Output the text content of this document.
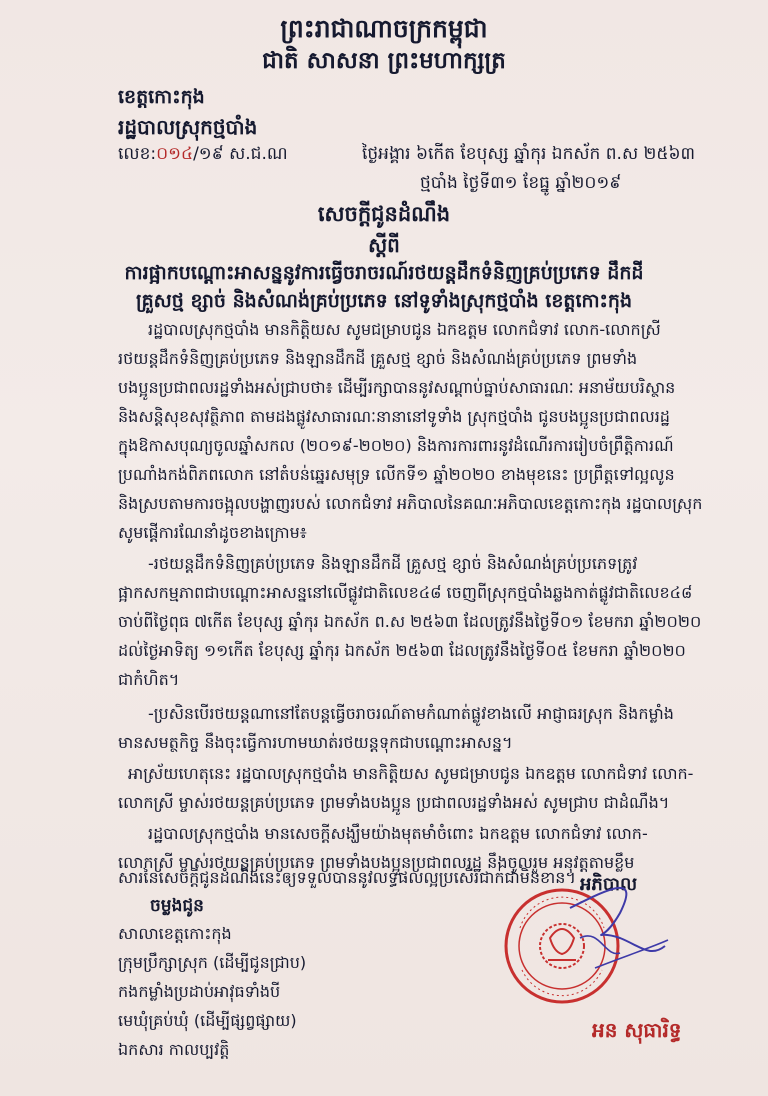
ព្រះរាជាណាចក្រកម្ពុជា
ជាតិ សាសនា ព្រះមហាក្សត្រ
ខេត្តកោះកុង
រដ្ឋបាលស្រុកថ្មបាំង
លេខ:០១៤/១៩ ស.ជ.ណ	ថ្ងៃអង្គារ ៦កើត ខែបុស្ស ឆ្នាំកុរ ឯកស័ក ព.ស ២៥៦៣
ថ្មបាំង ថ្ងៃទី៣១ ខែធ្នូ ឆ្នាំ២០១៩
សេចក្តីជូនដំណឹង
ស្តីពី
ការផ្អាកបណ្តោះអាសន្ននូវការធ្វើចរាចរណ៍រថយន្តដឹកទំនិញគ្រប់ប្រភេទ ដឹកដី
គ្រួសថ្ម ខ្សាច់ និងសំណង់គ្រប់ប្រភេទ នៅទូទាំងស្រុកថ្មបាំង ខេត្តកោះកុង
រដ្ឋបាលស្រុកថ្មបាំង មានកិត្តិយស សូមជម្រាបជូន ឯកឧត្តម លោកជំទាវ លោក-លោកស្រី
រថយន្តដឹកទំនិញគ្រប់ប្រភេទ និងឡានដឹកដី គ្រួសថ្ម ខ្សាច់ និងសំណង់គ្រប់ប្រភេទ ព្រមទាំង
បងប្អូនប្រជាពលរដ្ឋទាំងអស់ជ្រាបថា៖ ដើម្បីរក្សាបាននូវសណ្តាប់ធ្នាប់សាធារណៈ អនាម័យបរិស្ថាន
និងសន្តិសុខសុវត្ថិភាព តាមដងផ្លូវសាធារណៈនានានៅទូទាំង ស្រុកថ្មបាំង ជូនបងប្អូនប្រជាពលរដ្ឋ
ក្នុងឱកាសបុណ្យចូលឆ្នាំសកល (២០១៩-២០២០) និងការការពារនូវដំណើរការរៀបចំព្រឹត្តិការណ៍
ប្រណាំងកង់ពិភពលោក នៅតំបន់ឆ្នេរសមុទ្រ លើកទី១ ឆ្នាំ២០២០ ខាងមុខនេះ ប្រព្រឹត្តទៅល្អលូន
និងស្របតាមការចង្អុលបង្ហាញរបស់ លោកជំទាវ អភិបាលនៃគណៈអភិបាលខេត្តកោះកុង រដ្ឋបាលស្រុក
សូមផ្តើការណែនាំដូចខាងក្រោម៖
-រថយន្តដឹកទំនិញគ្រប់ប្រភេទ និងឡានដឹកដី គ្រួសថ្ម ខ្សាច់ និងសំណង់គ្រប់ប្រភេទត្រូវ
ផ្អាកសកម្មភាពជាបណ្តោះអាសន្ននៅលើផ្លូវជាតិលេខ៤៨ ចេញពីស្រុកថ្មបាំងឆ្លងកាត់ផ្លូវជាតិលេខ៤៨
ចាប់ពីថ្ងៃពុធ ៧កើត ខែបុស្ស ឆ្នាំកុរ ឯកស័ក ព.ស ២៥៦៣ ដែលត្រូវនឹងថ្ងៃទី០១ ខែមករា ឆ្នាំ២០២០
ដល់ថ្ងៃអាទិត្យ ១១កើត ខែបុស្ស ឆ្នាំកុរ ឯកស័ក ២៥៦៣ ដែលត្រូវនឹងថ្ងៃទី០៥ ខែមករា ឆ្នាំ២០២០
ជាកំហិត។
-ប្រសិនបើរថយន្តណានៅតែបន្តធ្វើចរាចរណ៍តាមកំណាត់ផ្លូវខាងលើ អាជ្ញាធរស្រុក និងកម្លាំង
មានសមត្ថកិច្ច នឹងចុះធ្វើការហាមឃាត់រថយន្តទុកជាបណ្តោះអាសន្ន។
អាស្រ័យហេតុនេះ រដ្ឋបាលស្រុកថ្មបាំង មានកិត្តិយស សូមជម្រាបជូន ឯកឧត្តម លោកជំទាវ លោក-
លោកស្រី ម្ចាស់រថយន្តគ្រប់ប្រភេទ ព្រមទាំងបងប្អូន ប្រជាពលរដ្ឋទាំងអស់ សូមជ្រាប ជាដំណឹង។
រដ្ឋបាលស្រុកថ្មបាំង មានសេចក្តីសង្ឃឹមយ៉ាងមុតមាំចំពោះ ឯកឧត្តម លោកជំទាវ លោក-
លោកស្រី ម្ចាស់រថយន្តគ្រប់ប្រភេទ ព្រមទាំងបងប្អូនប្រជាពលរដ្ឋ នឹងចូលរួម អនុវត្តតាមខ្លឹម
ចម្លងជូន
សាលាខេត្តកោះកុង
ក្រុមប្រឹក្សាស្រុក (ដើម្បីជូនជ្រាប)
កងកម្លាំងប្រដាប់អាវុធទាំងបី
មេឃុំគ្រប់ឃុំ (ដើម្បីផ្សព្វផ្សាយ)
ឯកសារ កាលប្បវត្តិ
អភិបាល
អន សុធារិទ្ធ
សារនៃសេចក្តីជូនដំណឹងនេះឲ្យទទួលបាននូវលទ្ធផលល្អប្រសើរជាក់ជាមិនខាន។
